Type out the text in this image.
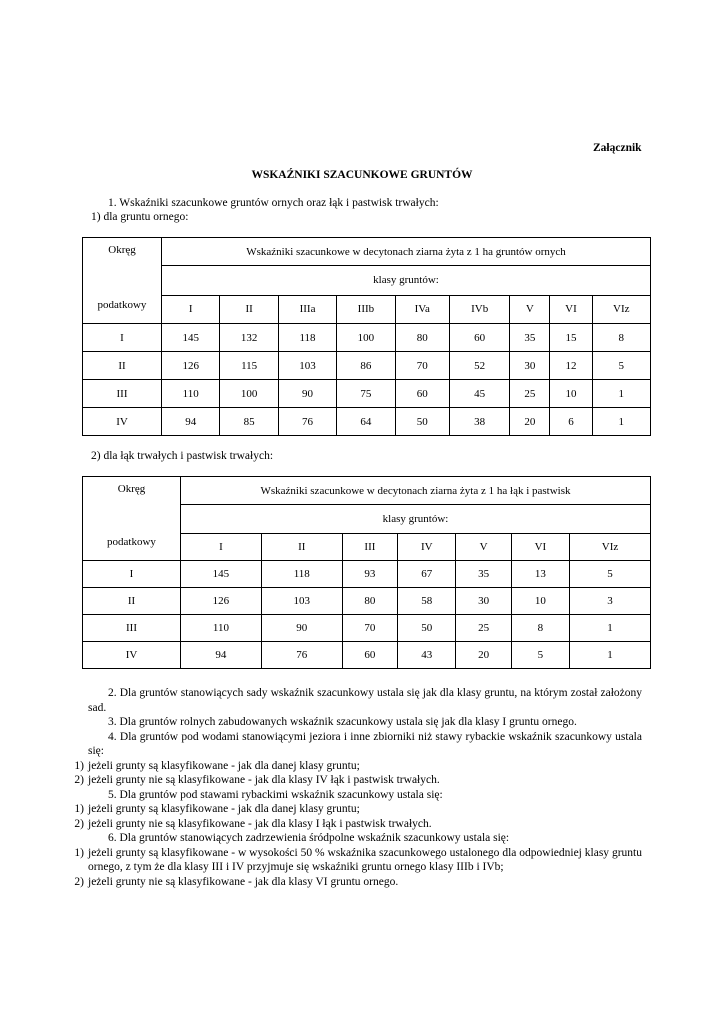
Załącznik
WSKAŹNIKI SZACUNKOWE GRUNTÓW
1. Wskaźniki szacunkowe gruntów ornych oraz łąk i pastwisk trwałych:
1) dla gruntu ornego:
Okręg
podatkowy	Wskaźniki szacunkowe w decytonach ziarna żyta z 1 ha gruntów ornych								
	klasy gruntów:								
	I	II	IIIa	IIIb	IVa	IVb	V	VI	VIz
I	145	132	118	100	80	60	35	15	8
II	126	115	103	86	70	52	30	12	5
III	110	100	90	75	60	45	25	10	1
IV	94	85	76	64	50	38	20	6	1
2) dla łąk trwałych i pastwisk trwałych:
Okręg
podatkowy	Wskaźniki szacunkowe w decytonach ziarna żyta z 1 ha łąk i pastwisk						
	klasy gruntów:						
	I	II	III	IV	V	VI	VIz
I	145	118	93	67	35	13	5
II	126	103	80	58	30	10	3
III	110	90	70	50	25	8	1
IV	94	76	60	43	20	5	1

2. Dla gruntów stanowiących sady wskaźnik szacunkowy ustala się jak dla klasy gruntu, na którym został założony sad.

3. Dla gruntów rolnych zabudowanych wskaźnik szacunkowy ustala się jak dla klasy I gruntu ornego.

4. Dla gruntów pod wodami stanowiącymi jeziora i inne zbiorniki niż stawy rybackie wskaźnik szacunkowy ustala się:

1) jeżeli grunty są klasyfikowane - jak dla danej klasy gruntu;
2) jeżeli grunty nie są klasyfikowane - jak dla klasy IV łąk i pastwisk trwałych.

5. Dla gruntów pod stawami rybackimi wskaźnik szacunkowy ustala się:

1) jeżeli grunty są klasyfikowane - jak dla danej klasy gruntu;
2) jeżeli grunty nie są klasyfikowane - jak dla klasy I łąk i pastwisk trwałych.

6. Dla gruntów stanowiących zadrzewienia śródpolne wskaźnik szacunkowy ustala się:

1) jeżeli grunty są klasyfikowane - w wysokości 50 % wskaźnika szacunkowego ustalonego dla odpowiedniej klasy gruntu ornego, z tym że dla klasy III i IV przyjmuje się wskaźniki gruntu ornego klasy IIIb i IVb;
2) jeżeli grunty nie są klasyfikowane - jak dla klasy VI gruntu ornego.
